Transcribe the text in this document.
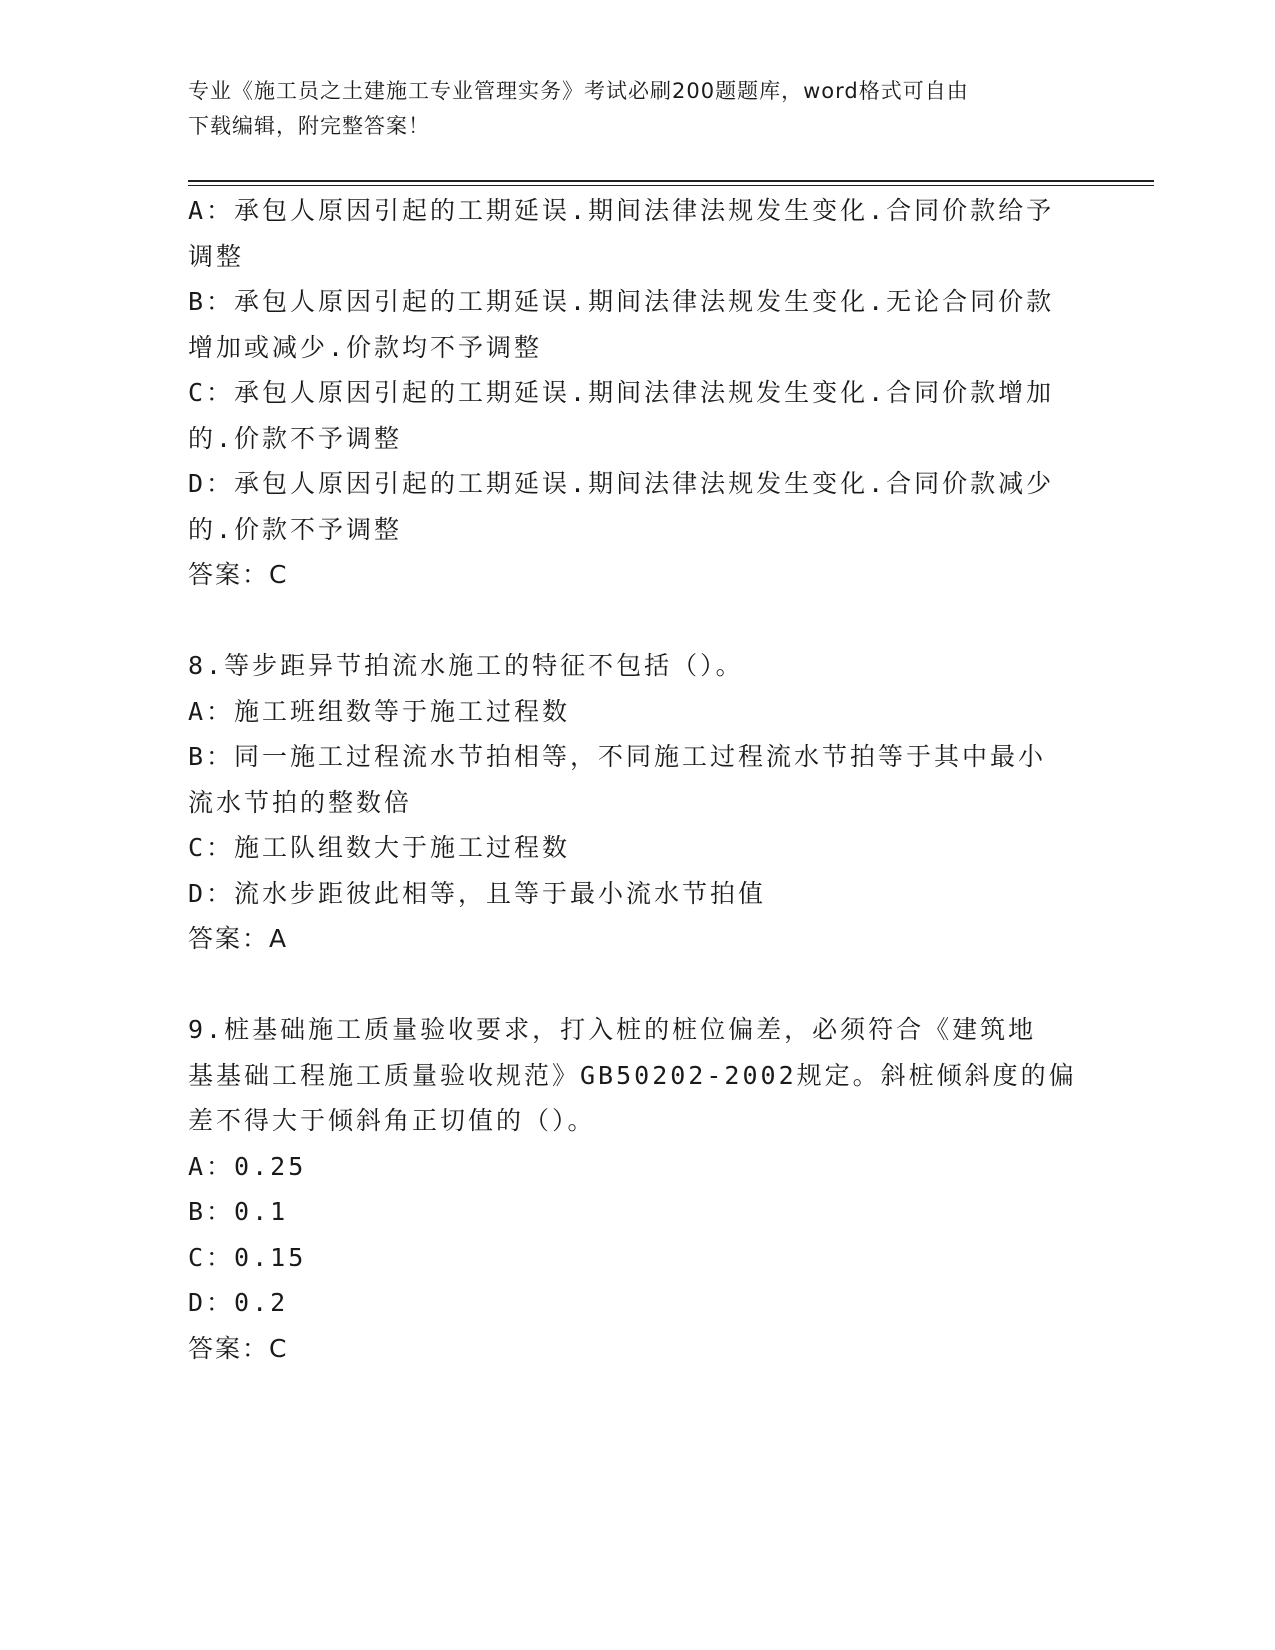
专业《施工员之土建施工专业管理实务》考试必刷200题题库，word格式可自由
下载编辑，附完整答案！
A：承包人原因引起的工期延误.期间法律法规发生变化.合同价款给予
调整
B：承包人原因引起的工期延误.期间法律法规发生变化.无论合同价款
增加或减少.价款均不予调整
C：承包人原因引起的工期延误.期间法律法规发生变化.合同价款增加
的.价款不予调整
D：承包人原因引起的工期延误.期间法律法规发生变化.合同价款减少
的.价款不予调整
答案：C
8.等步距异节拍流水施工的特征不包括（）。
A：施工班组数等于施工过程数
B：同一施工过程流水节拍相等，不同施工过程流水节拍等于其中最小
流水节拍的整数倍
C：施工队组数大于施工过程数
D：流水步距彼此相等，且等于最小流水节拍值
答案：A
9.桩基础施工质量验收要求，打入桩的桩位偏差，必须符合《建筑地
基基础工程施工质量验收规范》GB50202-2002规定。斜桩倾斜度的偏
差不得大于倾斜角正切值的（）。
A：0.25
B：0.1
C：0.15
D：0.2
答案：C
